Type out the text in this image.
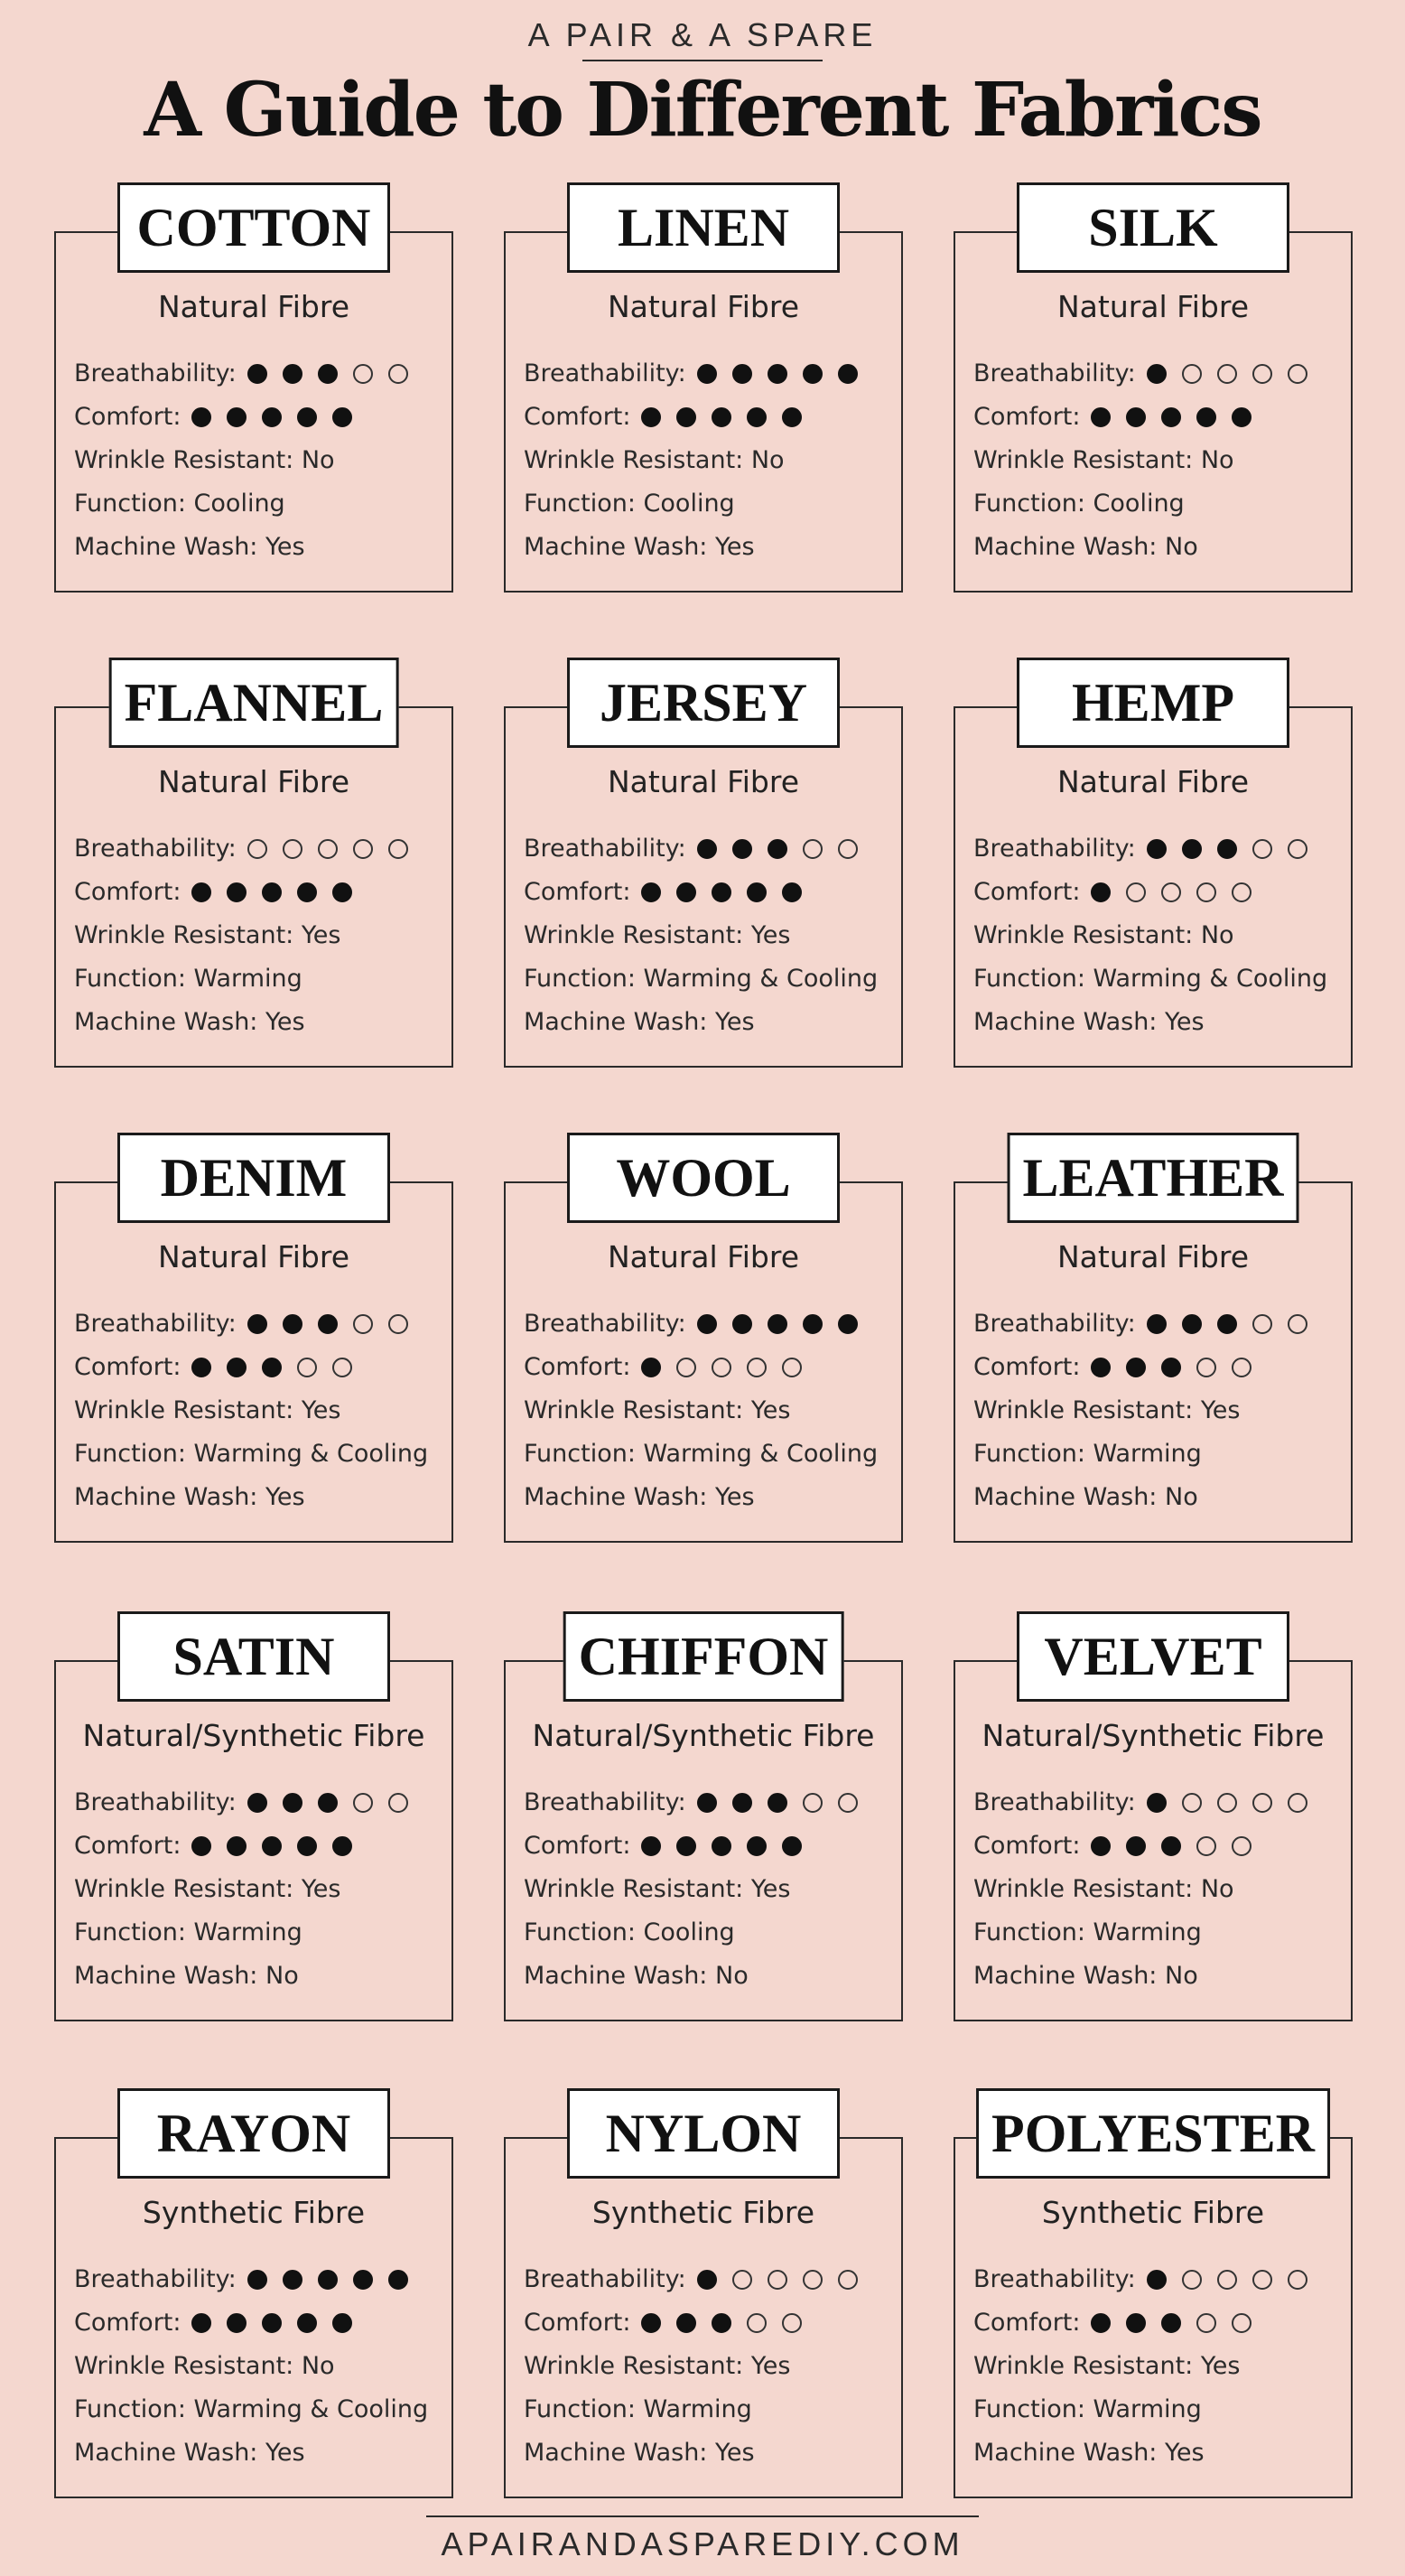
A PAIR & A SPARE
A Guide to Different Fabrics
COTTON
Natural Fibre
Breathability:
Comfort:
Wrinkle Resistant:
No
Function:
Cooling
Machine Wash:
Yes
LINEN
Natural Fibre
Breathability:
Comfort:
Wrinkle Resistant:
No
Function:
Cooling
Machine Wash:
Yes
SILK
Natural Fibre
Breathability:
Comfort:
Wrinkle Resistant:
No
Function:
Cooling
Machine Wash:
No
FLANNEL
Natural Fibre
Breathability:
Comfort:
Wrinkle Resistant:
Yes
Function:
Warming
Machine Wash:
Yes
JERSEY
Natural Fibre
Breathability:
Comfort:
Wrinkle Resistant:
Yes
Function:
Warming & Cooling
Machine Wash:
Yes
HEMP
Natural Fibre
Breathability:
Comfort:
Wrinkle Resistant:
No
Function:
Warming & Cooling
Machine Wash:
Yes
DENIM
Natural Fibre
Breathability:
Comfort:
Wrinkle Resistant:
Yes
Function:
Warming & Cooling
Machine Wash:
Yes
WOOL
Natural Fibre
Breathability:
Comfort:
Wrinkle Resistant:
Yes
Function:
Warming & Cooling
Machine Wash:
Yes
LEATHER
Natural Fibre
Breathability:
Comfort:
Wrinkle Resistant:
Yes
Function:
Warming
Machine Wash:
No
SATIN
Natural/Synthetic Fibre
Breathability:
Comfort:
Wrinkle Resistant:
Yes
Function:
Warming
Machine Wash:
No
CHIFFON
Natural/Synthetic Fibre
Breathability:
Comfort:
Wrinkle Resistant:
Yes
Function:
Cooling
Machine Wash:
No
VELVET
Natural/Synthetic Fibre
Breathability:
Comfort:
Wrinkle Resistant:
No
Function:
Warming
Machine Wash:
No
RAYON
Synthetic Fibre
Breathability:
Comfort:
Wrinkle Resistant:
No
Function:
Warming & Cooling
Machine Wash:
Yes
NYLON
Synthetic Fibre
Breathability:
Comfort:
Wrinkle Resistant:
Yes
Function:
Warming
Machine Wash:
Yes
POLYESTER
Synthetic Fibre
Breathability:
Comfort:
Wrinkle Resistant:
Yes
Function:
Warming
Machine Wash:
Yes
APAIRANDASPAREDIY.COM
